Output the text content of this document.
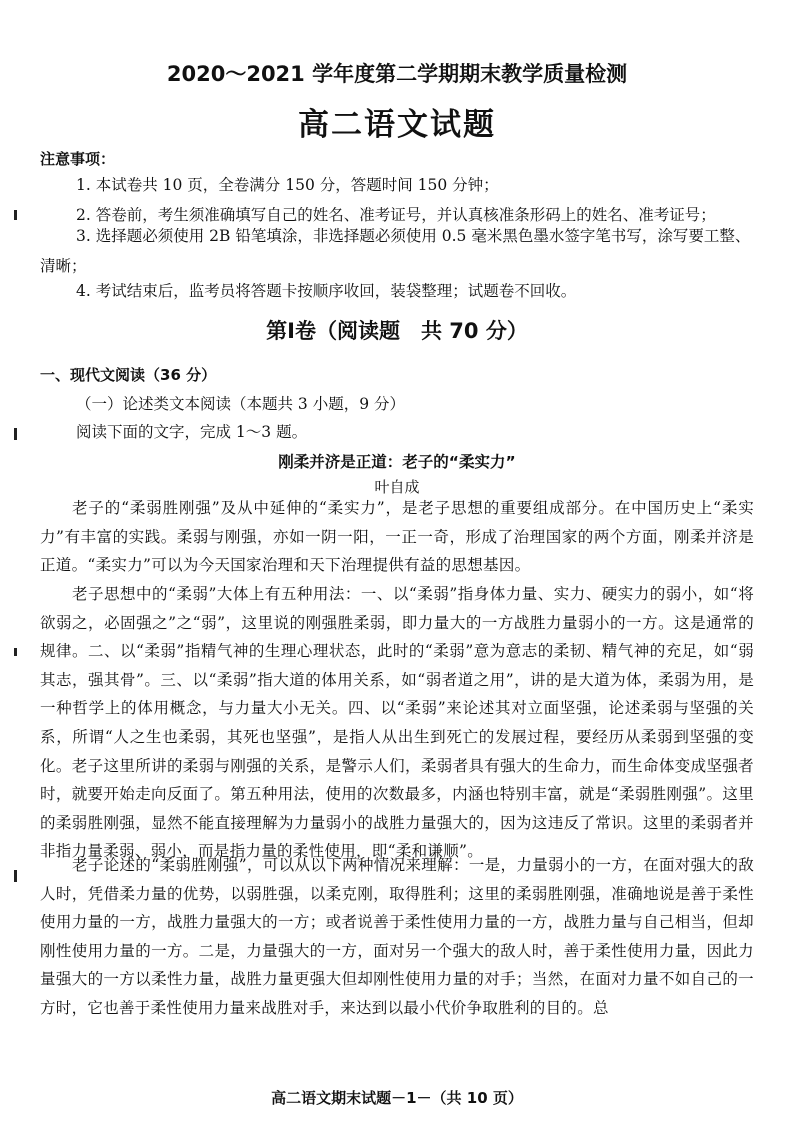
2020～2021 学年度第二学期期末教学质量检测
高二语文试题
注意事项：

1. 本试卷共 10 页，全卷满分 150 分，答题时间 150 分钟；

2. 答卷前，考生须准确填写自己的姓名、准考证号，并认真核准条形码上的姓名、准考证号；

3. 选择题必须使用 2B 铅笔填涂，非选择题必须使用 0.5 毫米黑色墨水签字笔书写，涂写要工整、清晰；

4. 考试结束后，监考员将答题卡按顺序收回，装袋整理；试题卷不回收。

第Ⅰ卷（阅读题　共 70 分）
一、现代文阅读（36 分）
（一）论述类文本阅读（本题共 3 小题，9 分）
阅读下面的文字，完成 1～3 题。
刚柔并济是正道：老子的“柔实力”
叶自成

老子的“柔弱胜刚强”及从中延伸的“柔实力”，是老子思想的重要组成部分。在中国历史上“柔实力”有丰富的实践。柔弱与刚强，亦如一阴一阳，一正一奇，形成了治理国家的两个方面，刚柔并济是正道。“柔实力”可以为今天国家治理和天下治理提供有益的思想基因。

老子思想中的“柔弱”大体上有五种用法：一、以“柔弱”指身体力量、实力、硬实力的弱小，如“将欲弱之，必固强之”之“弱”，这里说的刚强胜柔弱，即力量大的一方战胜力量弱小的一方。这是通常的规律。二、以“柔弱”指精气神的生理心理状态，此时的“柔弱”意为意志的柔韧、精气神的充足，如“弱其志，强其骨”。三、以“柔弱”指大道的体用关系，如“弱者道之用”，讲的是大道为体，柔弱为用，是一种哲学上的体用概念，与力量大小无关。四、以“柔弱”来论述其对立面坚强，论述柔弱与坚强的关系，所谓“人之生也柔弱，其死也坚强”，是指人从出生到死亡的发展过程，要经历从柔弱到坚强的变化。老子这里所讲的柔弱与刚强的关系，是警示人们，柔弱者具有强大的生命力，而生命体变成坚强者时，就要开始走向反面了。第五种用法，使用的次数最多，内涵也特别丰富，就是“柔弱胜刚强”。这里的柔弱胜刚强，显然不能直接理解为力量弱小的战胜力量强大的，因为这违反了常识。这里的柔弱者并非指力量柔弱、弱小，而是指力量的柔性使用，即“柔和谦顺”。

老子论述的“柔弱胜刚强”，可以从以下两种情况来理解：一是，力量弱小的一方，在面对强大的敌人时，凭借柔力量的优势，以弱胜强，以柔克刚，取得胜利；这里的柔弱胜刚强，准确地说是善于柔性使用力量的一方，战胜力量强大的一方；或者说善于柔性使用力量的一方，战胜力量与自己相当，但却刚性使用力量的一方。二是，力量强大的一方，面对另一个强大的敌人时，善于柔性使用力量，因此力量强大的一方以柔性力量，战胜力量更强大但却刚性使用力量的对手；当然，在面对力量不如自己的一方时，它也善于柔性使用力量来战胜对手，来达到以最小代价争取胜利的目的。总

高二语文期末试题－1－（共 10 页）
